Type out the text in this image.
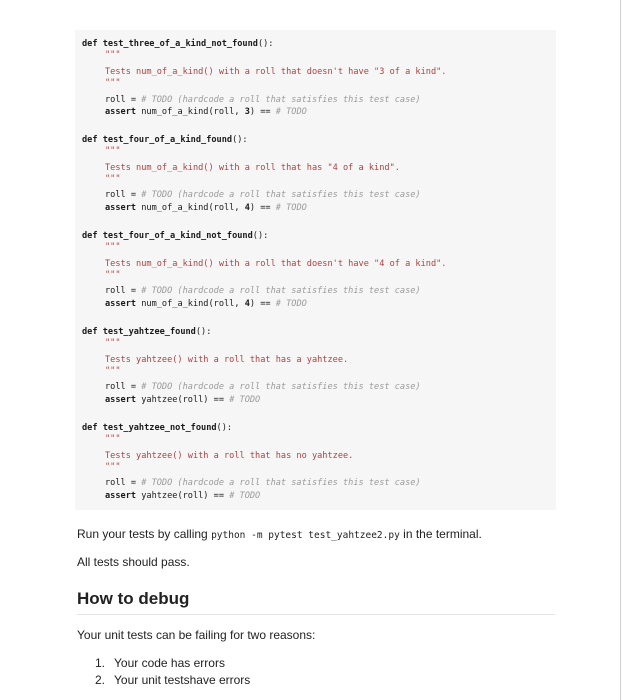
def test_three_of_a_kind_not_found():
"""
Tests num_of_a_kind() with a roll that doesn't have "3 of a kind".
"""
roll = # TODO (hardcode a roll that satisfies this test case)
assert num_of_a_kind(roll, 3) == # TODO
def test_four_of_a_kind_found():
"""
Tests num_of_a_kind() with a roll that has "4 of a kind".
"""
roll = # TODO (hardcode a roll that satisfies this test case)
assert num_of_a_kind(roll, 4) == # TODO
def test_four_of_a_kind_not_found():
"""
Tests num_of_a_kind() with a roll that doesn't have "4 of a kind".
"""
roll = # TODO (hardcode a roll that satisfies this test case)
assert num_of_a_kind(roll, 4) == # TODO
def test_yahtzee_found():
"""
Tests yahtzee() with a roll that has a yahtzee.
"""
roll = # TODO (hardcode a roll that satisfies this test case)
assert yahtzee(roll) == # TODO
def test_yahtzee_not_found():
"""
Tests yahtzee() with a roll that has no yahtzee.
"""
roll = # TODO (hardcode a roll that satisfies this test case)
assert yahtzee(roll) == # TODO
Run your tests by calling python -m pytest test_yahtzee2.py in the terminal.
All tests should pass.
How to debug
Your unit tests can be failing for two reasons:
1. Your code has errors
2. Your unit testshave errors
